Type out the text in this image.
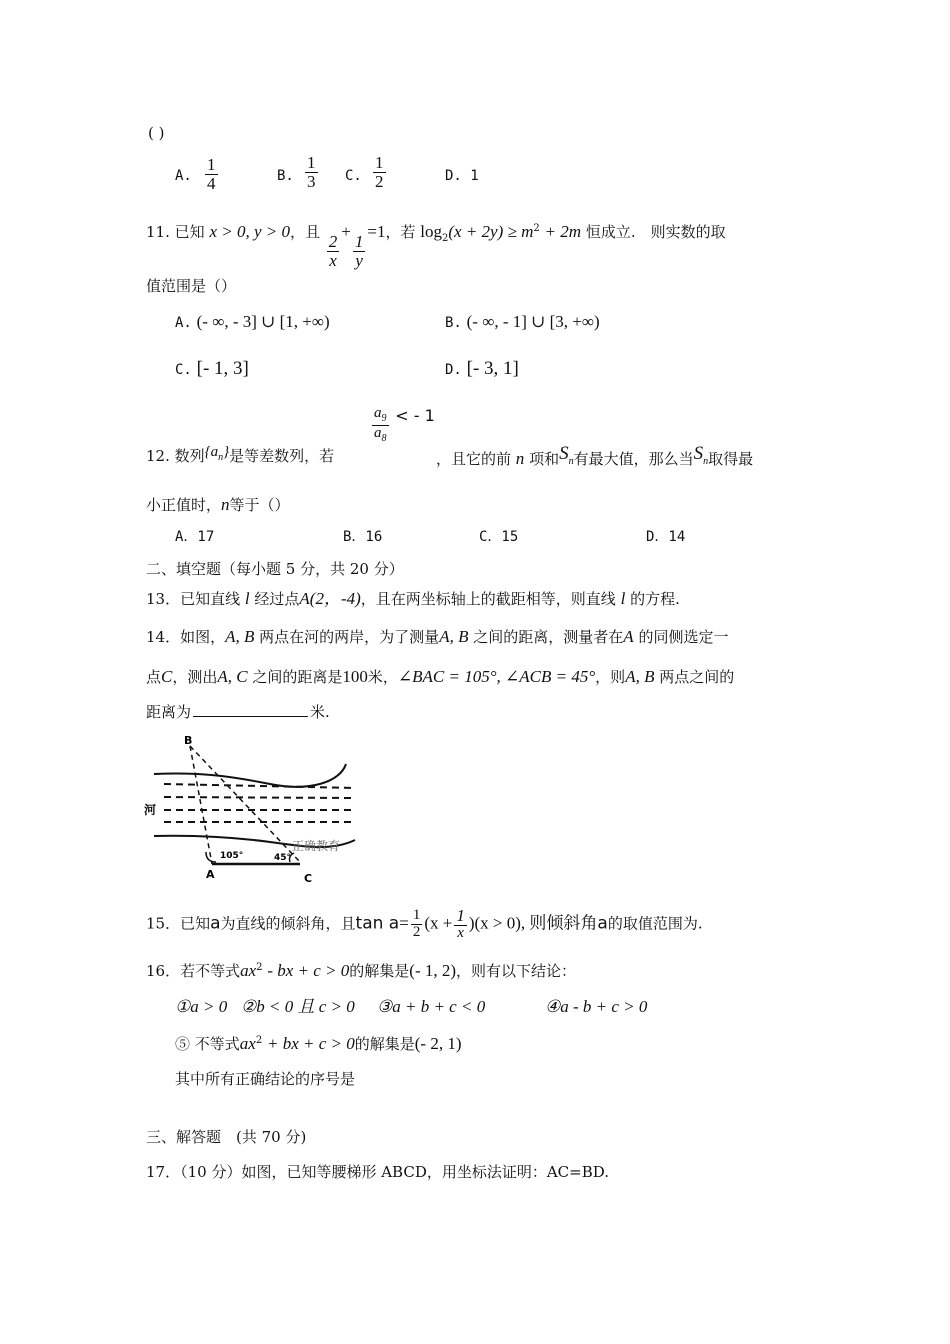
( )
A. $\frac{1}{4}$	B. $\frac{1}{3} C$. $\frac{1}{2}$	D. 1
11. 已知 x > 0, y > 0，且
$\frac{2}{x}$
+
$\frac{1}{y}$
=1，若 $\log_2(x + 2y) \ge m^2 + 2m$ 恒成立.　则实数的取
值范围是（）
A. (- ∞, - 3] ∪ [1, +∞)	B. (- ∞, - 1] ∪ [3, +∞)
C. [- 1, 3]	D. [- 3, 1]
$\frac{a_9}{a_8}$ < - 1
12. 数列$\{a_n\}$是等差数列，若	，且它的前 n 项和$S_n$有最大值，那么当$S_n$取得最
小正值时，n等于（）
A．17	B．16	C．15	D．14
二、填空题（每小题 5 分，共 20 分）
13．已知直线 l 经过点A(2，-4)，且在两坐标轴上的截距相等，则直线 l 的方程.
14．如图，A, B 两点在河的两岸，为了测量A, B 之间的距离，测量者在A 的同侧选定一
点C，测出A, C 之间的距离是100米，∠BAC = 105°, ∠ACB = 45°，则A, B 两点之间的
距离为	米.
B
A	C
河
105°	45°
正确教育
15．已知a为直线的倾斜角，且$\tan a= \frac{1}{2} (x + \frac{1}{x} )(x > 0)$, 则倾斜角a的取值范围为.
16．若不等式$ax^2$ - bx + c > 0的解集是(- 1, 2)，则有以下结论：
①a > 0 ②b < 0 且 c > 0 ③a + b + c < 0	④a - b + c > 0
⑤ 不等式$ax^2$ + bx + c > 0的解集是(- 2, 1)
其中所有正确结论的序号是
三、解答题　(共 70 分)
17．（10 分）如图，已知等腰梯形 ABCD，用坐标法证明：AC=BD.
